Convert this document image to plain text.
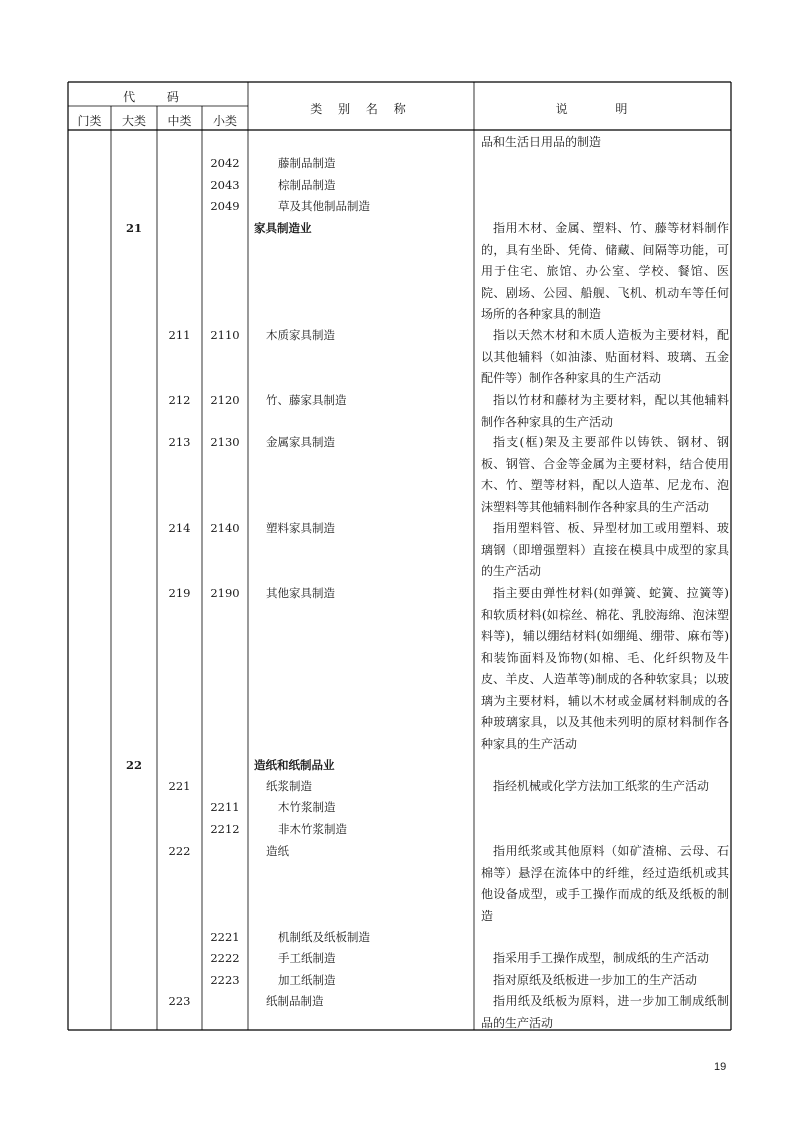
代 码
门类	大类	中类	小类
类 别 名 称	说 明
品和生活日用品的制造
2042	藤制品制造
2043	棕制品制造
2049	草及其他制品制造
21	家具制造业	指用木材、金属、塑料、竹、藤等材料制作的，具有坐卧、凭倚、储藏、间隔等功能，可用于住宅、旅馆、办公室、学校、餐馆、医院、剧场、公园、船舰、飞机、机动车等任何场所的各种家具的制造
211	2110	木质家具制造	指以天然木材和木质人造板为主要材料，配以其他辅料（如油漆、贴面材料、玻璃、五金配件等）制作各种家具的生产活动
212	2120	竹、藤家具制造	指以竹材和藤材为主要材料，配以其他辅料制作各种家具的生产活动
213	2130	金属家具制造	指支(框)架及主要部件以铸铁、钢材、钢板、钢管、合金等金属为主要材料，结合使用木、竹、塑等材料，配以人造革、尼龙布、泡沫塑料等其他辅料制作各种家具的生产活动
214	2140	塑料家具制造	指用塑料管、板、异型材加工或用塑料、玻璃钢（即增强塑料）直接在模具中成型的家具的生产活动
219	2190	其他家具制造	指主要由弹性材料(如弹簧、蛇簧、拉簧等)和软质材料(如棕丝、棉花、乳胶海绵、泡沫塑料等)，辅以绷结材料(如绷绳、绷带、麻布等)和装饰面料及饰物(如棉、毛、化纤织物及牛皮、羊皮、人造革等)制成的各种软家具；以玻璃为主要材料，辅以木材或金属材料制成的各种玻璃家具，以及其他未列明的原材料制作各种家具的生产活动
22	造纸和纸制品业
221	纸浆制造	指经机械或化学方法加工纸浆的生产活动
2211	木竹浆制造
2212	非木竹浆制造
222	造纸	指用纸浆或其他原料（如矿渣棉、云母、石棉等）悬浮在流体中的纤维，经过造纸机或其他设备成型，或手工操作而成的纸及纸板的制造
2221	机制纸及纸板制造
2222	手工纸制造	指采用手工操作成型，制成纸的生产活动
2223	加工纸制造	指对原纸及纸板进一步加工的生产活动
223	纸制品制造	指用纸及纸板为原料，进一步加工制成纸制品的生产活动
19
